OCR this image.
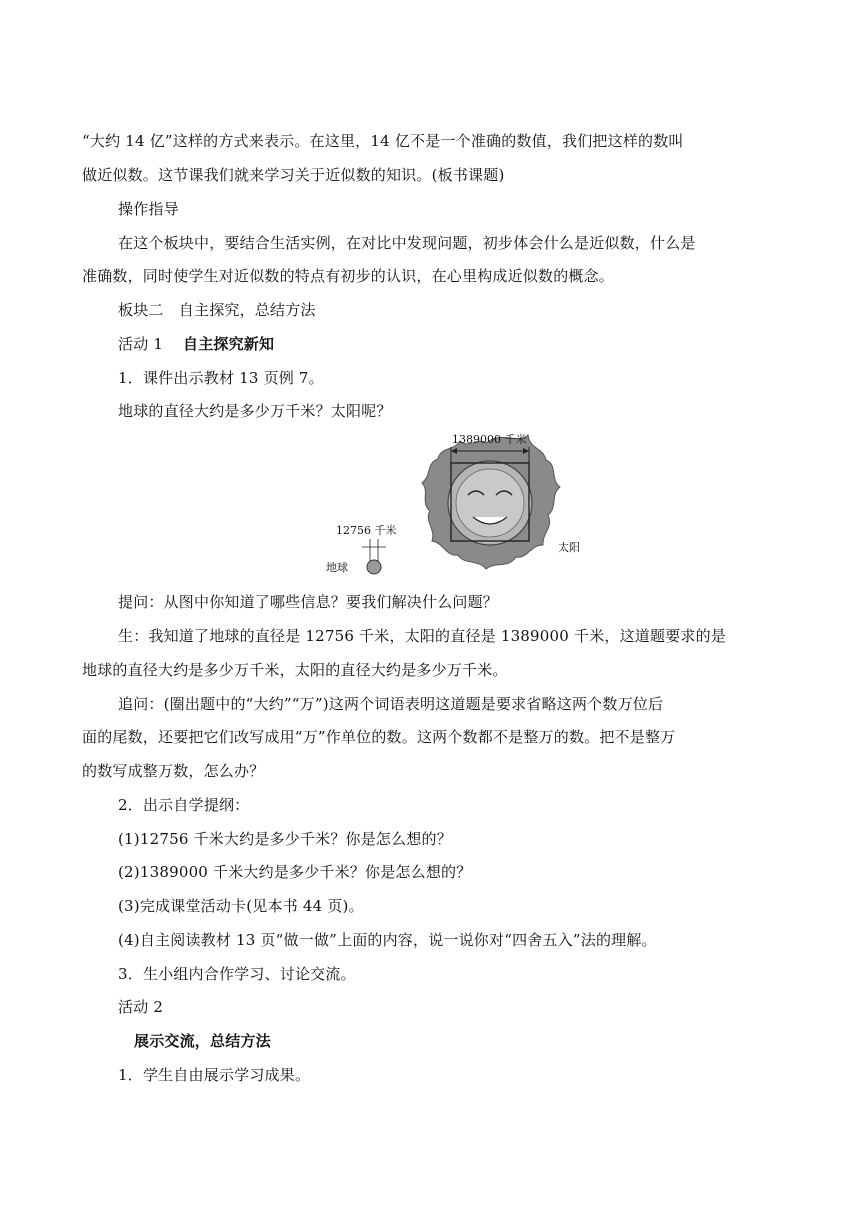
“大约 14 亿”这样的方式来表示。在这里，14 亿不是一个准确的数值，我们把这样的数叫
做近似数。这节课我们就来学习关于近似数的知识。(板书课题)
操作指导
在这个板块中，要结合生活实例，在对比中发现问题，初步体会什么是近似数，什么是
准确数，同时使学生对近似数的特点有初步的认识，在心里构成近似数的概念。
板块二　自主探究，总结方法
活动 1 自主探究新知
1．课件出示教材 13 页例 7。
地球的直径大约是多少万千米？太阳呢？
1389000 千米
12756 千米
地球
太阳
提问：从图中你知道了哪些信息？要我们解决什么问题？
生：我知道了地球的直径是 12756 千米，太阳的直径是 1389000 千米，这道题要求的是
地球的直径大约是多少万千米，太阳的直径大约是多少万千米。
追问：(圈出题中的“大约”“万”)这两个词语表明这道题是要求省略这两个数万位后
面的尾数，还要把它们改写成用“万”作单位的数。这两个数都不是整万的数。把不是整万
的数写成整万数，怎么办？
2．出示自学提纲：
(1)12756 千米大约是多少千米？你是怎么想的？
(2)1389000 千米大约是多少千米？你是怎么想的？
(3)完成课堂活动卡(见本书 44 页)。
(4)自主阅读教材 13 页“做一做”上面的内容，说一说你对“四舍五入”法的理解。
3．生小组内合作学习、讨论交流。
活动 2
展示交流，总结方法
1．学生自由展示学习成果。
